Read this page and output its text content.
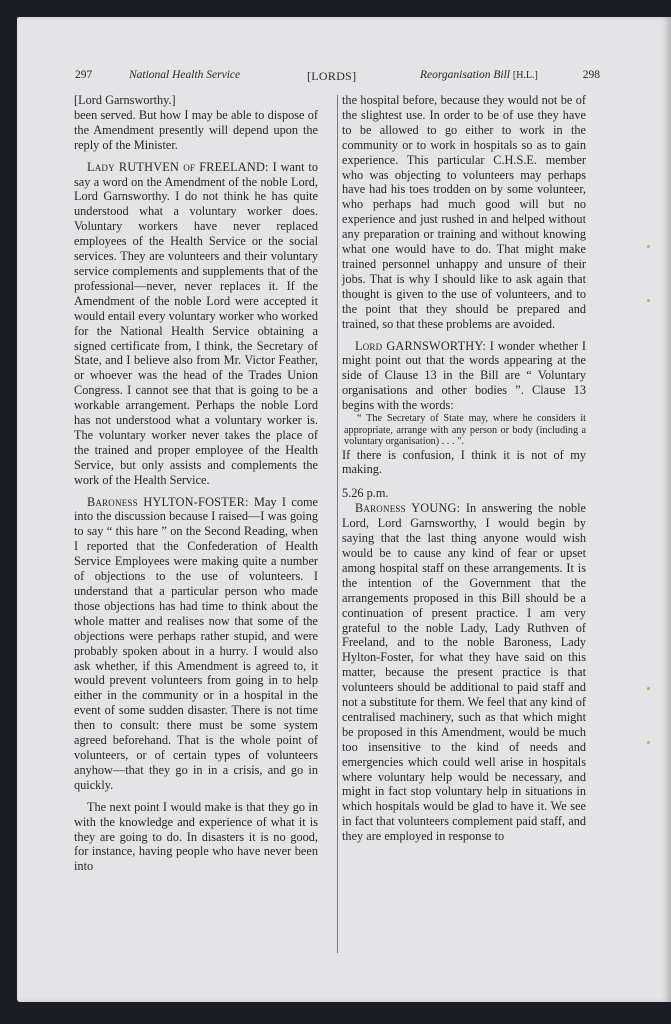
297	National Health Service	[LORDS]	Reorganisation Bill [H.L.]	298

[Lord Garnsworthy.]

been served. But how I may be able to dispose of the Amendment presently will depend upon the reply of the Minister.

Lady RUTHVEN of FREELAND: I want to say a word on the Amendment of the noble Lord, Lord Garnsworthy. I do not think he has quite understood what a voluntary worker does. Voluntary workers have never replaced employees of the Health Service or the social services. They are volunteers and their voluntary service complements and supplements that of the professional—never, never replaces it. If the Amendment of the noble Lord were accepted it would entail every voluntary worker who worked for the National Health Service obtaining a signed certificate from, I think, the Secretary of State, and I believe also from Mr. Victor Feather, or whoever was the head of the Trades Union Congress. I cannot see that that is going to be a workable arrangement. Perhaps the noble Lord has not understood what a voluntary worker is. The voluntary worker never takes the place of the trained and proper employee of the Health Service, but only assists and complements the work of the Health Service.

Baroness HYLTON-FOSTER: May I come into the discussion because I raised—I was going to say “ this hare ” on the Second Reading, when I reported that the Confederation of Health Service Employees were making quite a number of objections to the use of volunteers. I understand that a particular person who made those objections has had time to think about the whole matter and realises now that some of the objections were perhaps rather stupid, and were probably spoken about in a hurry. I would also ask whether, if this Amendment is agreed to, it would prevent volunteers from going in to help either in the community or in a hospital in the event of some sudden disaster. There is not time then to consult: there must be some system agreed beforehand. That is the whole point of volunteers, or of certain types of volunteers anyhow—that they go in in a crisis, and go in quickly.

The next point I would make is that they go in with the knowledge and experience of what it is they are going to do. In disasters it is no good, for instance, having people who have never been into

the hospital before, because they would not be of the slightest use. In order to be of use they have to be allowed to go either to work in the community or to work in hospitals so as to gain experience. This particular C.H.S.E. member who was objecting to volunteers may perhaps have had his toes trodden on by some volunteer, who perhaps had much good will but no experience and just rushed in and helped without any preparation or training and without knowing what one would have to do. That might make trained personnel unhappy and unsure of their jobs. That is why I should like to ask again that thought is given to the use of volunteers, and to the point that they should be prepared and trained, so that these problems are avoided.

Lord GARNSWORTHY: I wonder whether I might point out that the words appearing at the side of Clause 13 in the Bill are “ Voluntary organisations and other bodies ”. Clause 13 begins with the words:

“ The Secretary of State may, where he considers it appropriate, arrange with any person or body (including a voluntary organisation) . . . ”.

If there is confusion, I think it is not of my making.

5.26 p.m.

Baroness YOUNG: In answering the noble Lord, Lord Garnsworthy, I would begin by saying that the last thing anyone would wish would be to cause any kind of fear or upset among hospital staff on these arrangements. It is the intention of the Government that the arrangements proposed in this Bill should be a continuation of present practice. I am very grateful to the noble Lady, Lady Ruthven of Freeland, and to the noble Baroness, Lady Hylton-Foster, for what they have said on this matter, because the present practice is that volunteers should be additional to paid staff and not a substitute for them. We feel that any kind of centralised machinery, such as that which might be proposed in this Amendment, would be much too insensitive to the kind of needs and emergencies which could well arise in hospitals where voluntary help would be necessary, and might in fact stop voluntary help in situations in which hospitals would be glad to have it. We see in fact that volunteers complement paid staff, and they are employed in response to
